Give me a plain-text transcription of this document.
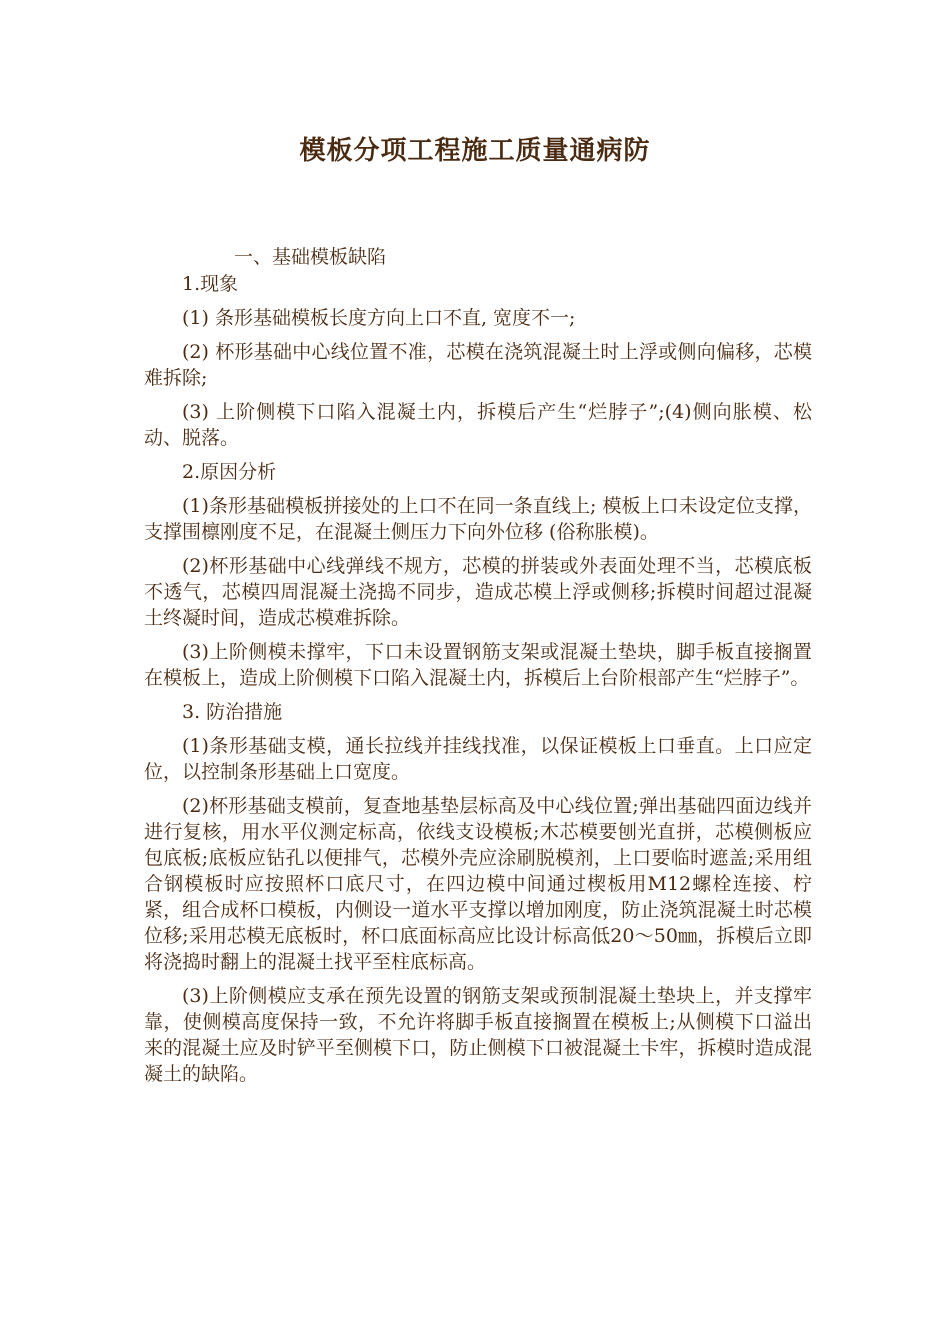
模板分项工程施工质量通病防
一、基础模板缺陷
1.现象

(1) 条形基础模板长度方向上口不直, 宽度不一;

(2) 杯形基础中心线位置不准，芯模在浇筑混凝土时上浮或侧向偏移，芯模难拆除;

(3) 上阶侧模下口陷入混凝土内，拆模后产生“烂脖子”;(4)侧向胀模、松动、脱落。

2.原因分析

(1)条形基础模板拼接处的上口不在同一条直线上; 模板上口未设定位支撑，支撑围檩刚度不足，在混凝土侧压力下向外位移 (俗称胀模)。

(2)杯形基础中心线弹线不规方，芯模的拼装或外表面处理不当，芯模底板不透气，芯模四周混凝土浇捣不同步，造成芯模上浮或侧移;拆模时间超过混凝土终凝时间，造成芯模难拆除。

(3)上阶侧模未撑牢，下口未设置钢筋支架或混凝土垫块，脚手板直接搁置在模板上，造成上阶侧模下口陷入混凝土内，拆模后上台阶根部产生“烂脖子”。

3. 防治措施

(1)条形基础支模，通长拉线并挂线找准，以保证模板上口垂直。上口应定位，以控制条形基础上口宽度。

(2)杯形基础支模前，复查地基垫层标高及中心线位置;弹出基础四面边线并进行复核，用水平仪测定标高，依线支设模板;木芯模要刨光直拼，芯模侧板应包底板;底板应钻孔以便排气，芯模外壳应涂刷脱模剂，上口要临时遮盖;采用组合钢模板时应按照杯口底尺寸，在四边模中间通过楔板用M12螺栓连接、柠紧，组合成杯口模板，内侧设一道水平支撑以增加刚度，防止浇筑混凝土时芯模位移;采用芯模无底板时，杯口底面标高应比设计标高低20～50㎜，拆模后立即将浇捣时翻上的混凝土找平至柱底标高。

(3)上阶侧模应支承在预先设置的钢筋支架或预制混凝土垫块上，并支撑牢靠，使侧模高度保持一致，不允许将脚手板直接搁置在模板上;从侧模下口溢出来的混凝土应及时铲平至侧模下口，防止侧模下口被混凝土卡牢，拆模时造成混凝土的缺陷。
